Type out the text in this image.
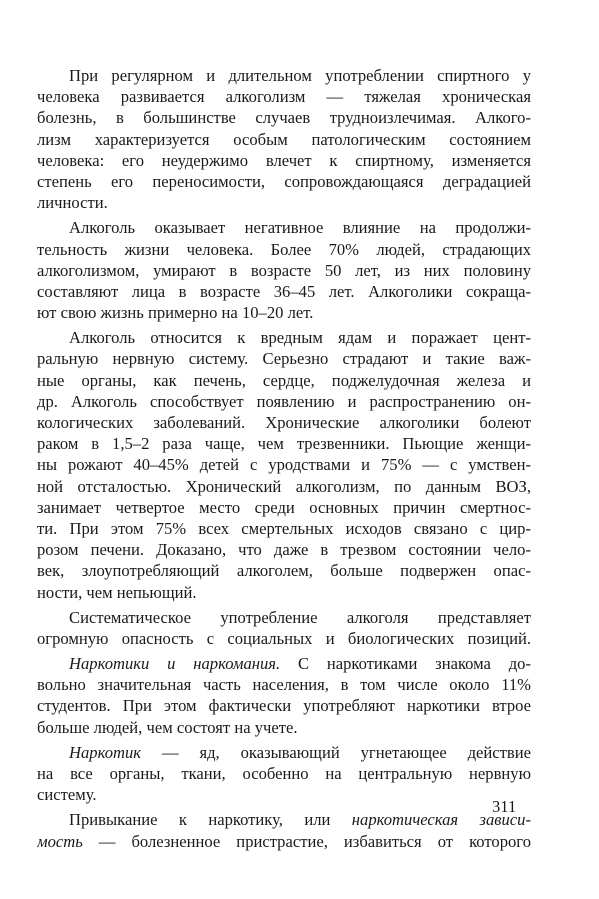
При регулярном и длительном употреблении спиртного у
человека развивается алкоголизм — тяжелая хроническая
болезнь, в большинстве случаев трудноизлечимая. Алкого-
лизм характеризуется особым патологическим состоянием
человека: его неудержимо влечет к спиртному, изменяется
степень его переносимости, сопровождающаяся деградацией
личности.
Алкоголь оказывает негативное влияние на продолжи-
тельность жизни человека. Более 70% людей, страдающих
алкоголизмом, умирают в возрасте 50 лет, из них половину
составляют лица в возрасте 36–45 лет. Алкоголики сокраща-
ют свою жизнь примерно на 10–20 лет.
Алкоголь относится к вредным ядам и поражает цент-
ральную нервную систему. Серьезно страдают и такие важ-
ные органы, как печень, сердце, поджелудочная железа и
др. Алкоголь способствует появлению и распространению он-
кологических заболеваний. Хронические алкоголики болеют
раком в 1,5–2 раза чаще, чем трезвенники. Пьющие женщи-
ны рожают 40–45% детей с уродствами и 75% — с умствен-
ной отсталостью. Хронический алкоголизм, по данным ВОЗ,
занимает четвертое место среди основных причин смертнос-
ти. При этом 75% всех смертельных исходов связано с цир-
розом печени. Доказано, что даже в трезвом состоянии чело-
век, злоупотребляющий алкоголем, больше подвержен опас-
ности, чем непьющий.
Систематическое употребление алкоголя представляет
огромную опасность с социальных и биологических позиций.
Наркотики и наркомания. С наркотиками знакома до-
вольно значительная часть населения, в том числе около 11%
студентов. При этом фактически употребляют наркотики втрое
больше людей, чем состоят на учете.
Наркотик — яд, оказывающий угнетающее действие
на все органы, ткани, особенно на центральную нервную
систему.
Привыкание к наркотику, или наркотическая зависи-
мость — болезненное пристрастие, избавиться от которого
311
